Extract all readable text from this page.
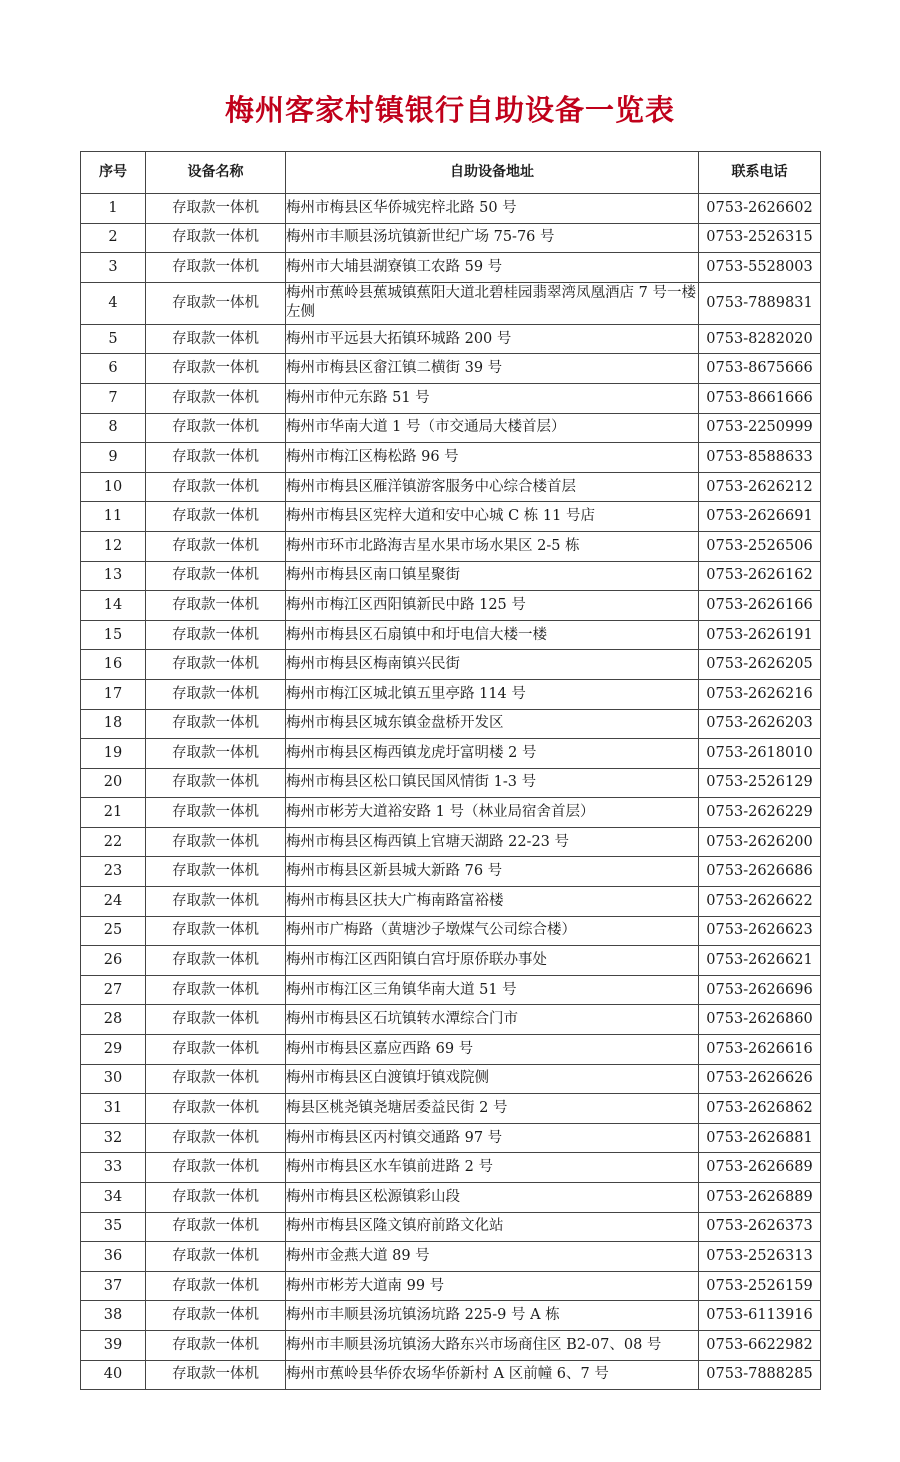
梅州客家村镇银行自助设备一览表
序号	设备名称	自助设备地址	联系电话
1	存取款一体机	梅州市梅县区华侨城宪梓北路 50 号	0753-2626602
2	存取款一体机	梅州市丰顺县汤坑镇新世纪广场 75-76 号	0753-2526315
3	存取款一体机	梅州市大埔县湖寮镇工农路 59 号	0753-5528003
4	存取款一体机	梅州市蕉岭县蕉城镇蕉阳大道北碧桂园翡翠湾凤凰酒店 7 号一楼左侧	0753-7889831
5	存取款一体机	梅州市平远县大拓镇环城路 200 号	0753-8282020
6	存取款一体机	梅州市梅县区畲江镇二横街 39 号	0753-8675666
7	存取款一体机	梅州市仲元东路 51 号	0753-8661666
8	存取款一体机	梅州市华南大道 1 号（市交通局大楼首层）	0753-2250999
9	存取款一体机	梅州市梅江区梅松路 96 号	0753-8588633
10	存取款一体机	梅州市梅县区雁洋镇游客服务中心综合楼首层	0753-2626212
11	存取款一体机	梅州市梅县区宪梓大道和安中心城 C 栋 11 号店	0753-2626691
12	存取款一体机	梅州市环市北路海吉星水果市场水果区 2-5 栋	0753-2526506
13	存取款一体机	梅州市梅县区南口镇星聚街	0753-2626162
14	存取款一体机	梅州市梅江区西阳镇新民中路 125 号	0753-2626166
15	存取款一体机	梅州市梅县区石扇镇中和圩电信大楼一楼	0753-2626191
16	存取款一体机	梅州市梅县区梅南镇兴民街	0753-2626205
17	存取款一体机	梅州市梅江区城北镇五里亭路 114 号	0753-2626216
18	存取款一体机	梅州市梅县区城东镇金盘桥开发区	0753-2626203
19	存取款一体机	梅州市梅县区梅西镇龙虎圩富明楼 2 号	0753-2618010
20	存取款一体机	梅州市梅县区松口镇民国风情街 1-3 号	0753-2526129
21	存取款一体机	梅州市彬芳大道裕安路 1 号（林业局宿舍首层）	0753-2626229
22	存取款一体机	梅州市梅县区梅西镇上官塘天湖路 22-23 号	0753-2626200
23	存取款一体机	梅州市梅县区新县城大新路 76 号	0753-2626686
24	存取款一体机	梅州市梅县区扶大广梅南路富裕楼	0753-2626622
25	存取款一体机	梅州市广梅路（黄塘沙子墩煤气公司综合楼）	0753-2626623
26	存取款一体机	梅州市梅江区西阳镇白宫圩原侨联办事处	0753-2626621
27	存取款一体机	梅州市梅江区三角镇华南大道 51 号	0753-2626696
28	存取款一体机	梅州市梅县区石坑镇转水潭综合门市	0753-2626860
29	存取款一体机	梅州市梅县区嘉应西路 69 号	0753-2626616
30	存取款一体机	梅州市梅县区白渡镇圩镇戏院侧	0753-2626626
31	存取款一体机	梅县区桃尧镇尧塘居委益民街 2 号	0753-2626862
32	存取款一体机	梅州市梅县区丙村镇交通路 97 号	0753-2626881
33	存取款一体机	梅州市梅县区水车镇前进路 2 号	0753-2626689
34	存取款一体机	梅州市梅县区松源镇彩山段	0753-2626889
35	存取款一体机	梅州市梅县区隆文镇府前路文化站	0753-2626373
36	存取款一体机	梅州市金燕大道 89 号	0753-2526313
37	存取款一体机	梅州市彬芳大道南 99 号	0753-2526159
38	存取款一体机	梅州市丰顺县汤坑镇汤坑路 225-9 号 A 栋	0753-6113916
39	存取款一体机	梅州市丰顺县汤坑镇汤大路东兴市场商住区 B2-07、08 号	0753-6622982
40	存取款一体机	梅州市蕉岭县华侨农场华侨新村 A 区前幢 6、7 号	0753-7888285
